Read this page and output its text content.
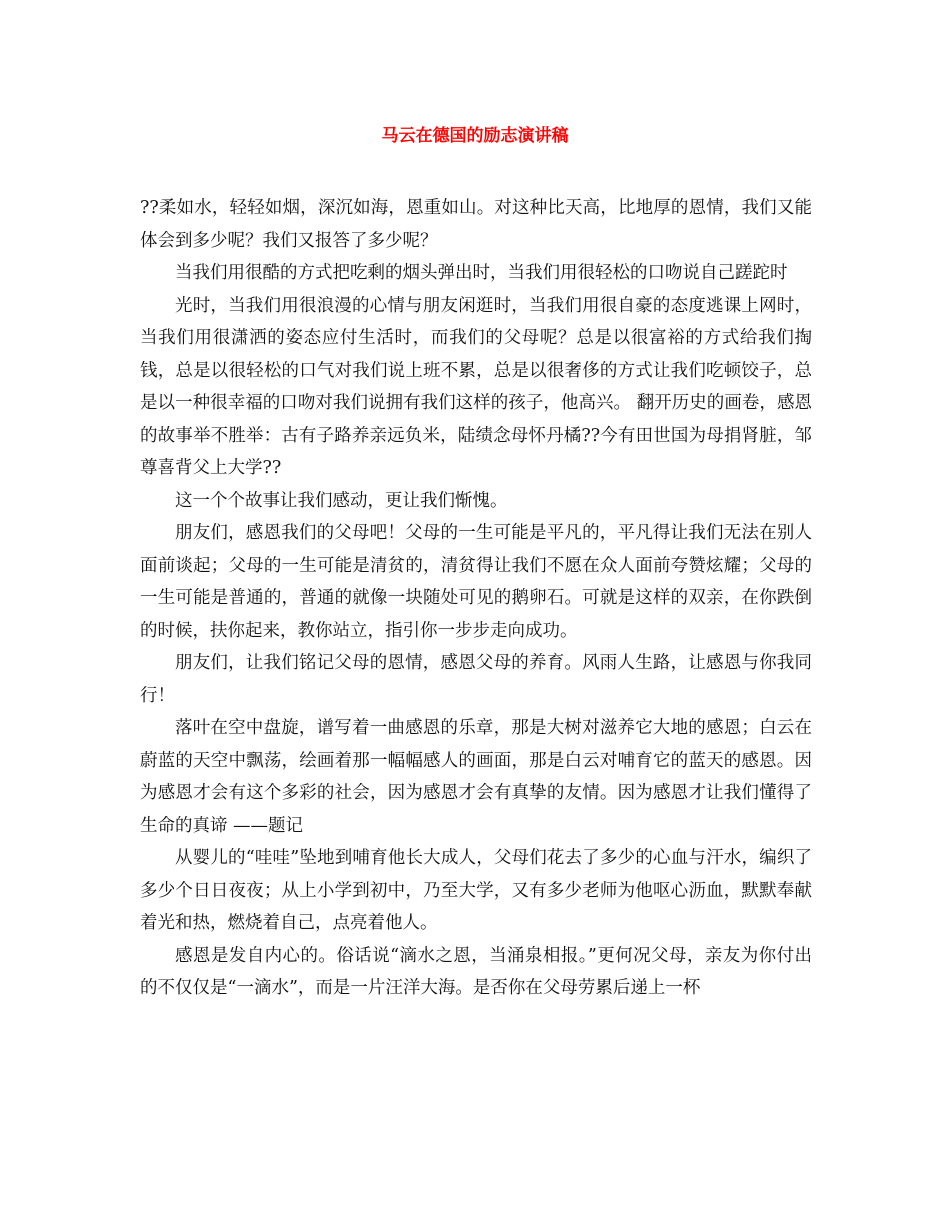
马云在德国的励志演讲稿

??柔如水，轻轻如烟，深沉如海，恩重如山。对这种比天高，比地厚的恩情，我们又能体会到多少呢？我们又报答了多少呢？

当我们用很酷的方式把吃剩的烟头弹出时，当我们用很轻松的口吻说自己蹉跎时

光时，当我们用很浪漫的心情与朋友闲逛时，当我们用很自豪的态度逃课上网时，当我们用很潇洒的姿态应付生活时，而我们的父母呢？总是以很富裕的方式给我们掏钱，总是以很轻松的口气对我们说上班不累，总是以很奢侈的方式让我们吃顿饺子，总是以一种很幸福的口吻对我们说拥有我们这样的孩子，他高兴。 翻开历史的画卷，感恩的故事举不胜举：古有子路养亲远负米，陆绩念母怀丹橘??今有田世国为母捐肾脏，邹尊喜背父上大学??

这一个个故事让我们感动，更让我们惭愧。

朋友们，感恩我们的父母吧！父母的一生可能是平凡的，平凡得让我们无法在别人面前谈起；父母的一生可能是清贫的，清贫得让我们不愿在众人面前夸赞炫耀；父母的一生可能是普通的，普通的就像一块随处可见的鹅卵石。可就是这样的双亲，在你跌倒的时候，扶你起来，教你站立，指引你一步步走向成功。

朋友们，让我们铭记父母的恩情，感恩父母的养育。风雨人生路，让感恩与你我同行！

落叶在空中盘旋，谱写着一曲感恩的乐章，那是大树对滋养它大地的感恩；白云在蔚蓝的天空中飘荡，绘画着那一幅幅感人的画面，那是白云对哺育它的蓝天的感恩。因为感恩才会有这个多彩的社会，因为感恩才会有真挚的友情。因为感恩才让我们懂得了生命的真谛 ——题记

从婴儿的“哇哇”坠地到哺育他长大成人，父母们花去了多少的心血与汗水，编织了多少个日日夜夜；从上小学到初中，乃至大学，又有多少老师为他呕心沥血，默默奉献着光和热，燃烧着自己，点亮着他人。

感恩是发自内心的。俗话说“滴水之恩，当涌泉相报。”更何况父母，亲友为你付出的不仅仅是“一滴水”，而是一片汪洋大海。是否你在父母劳累后递上一杯
